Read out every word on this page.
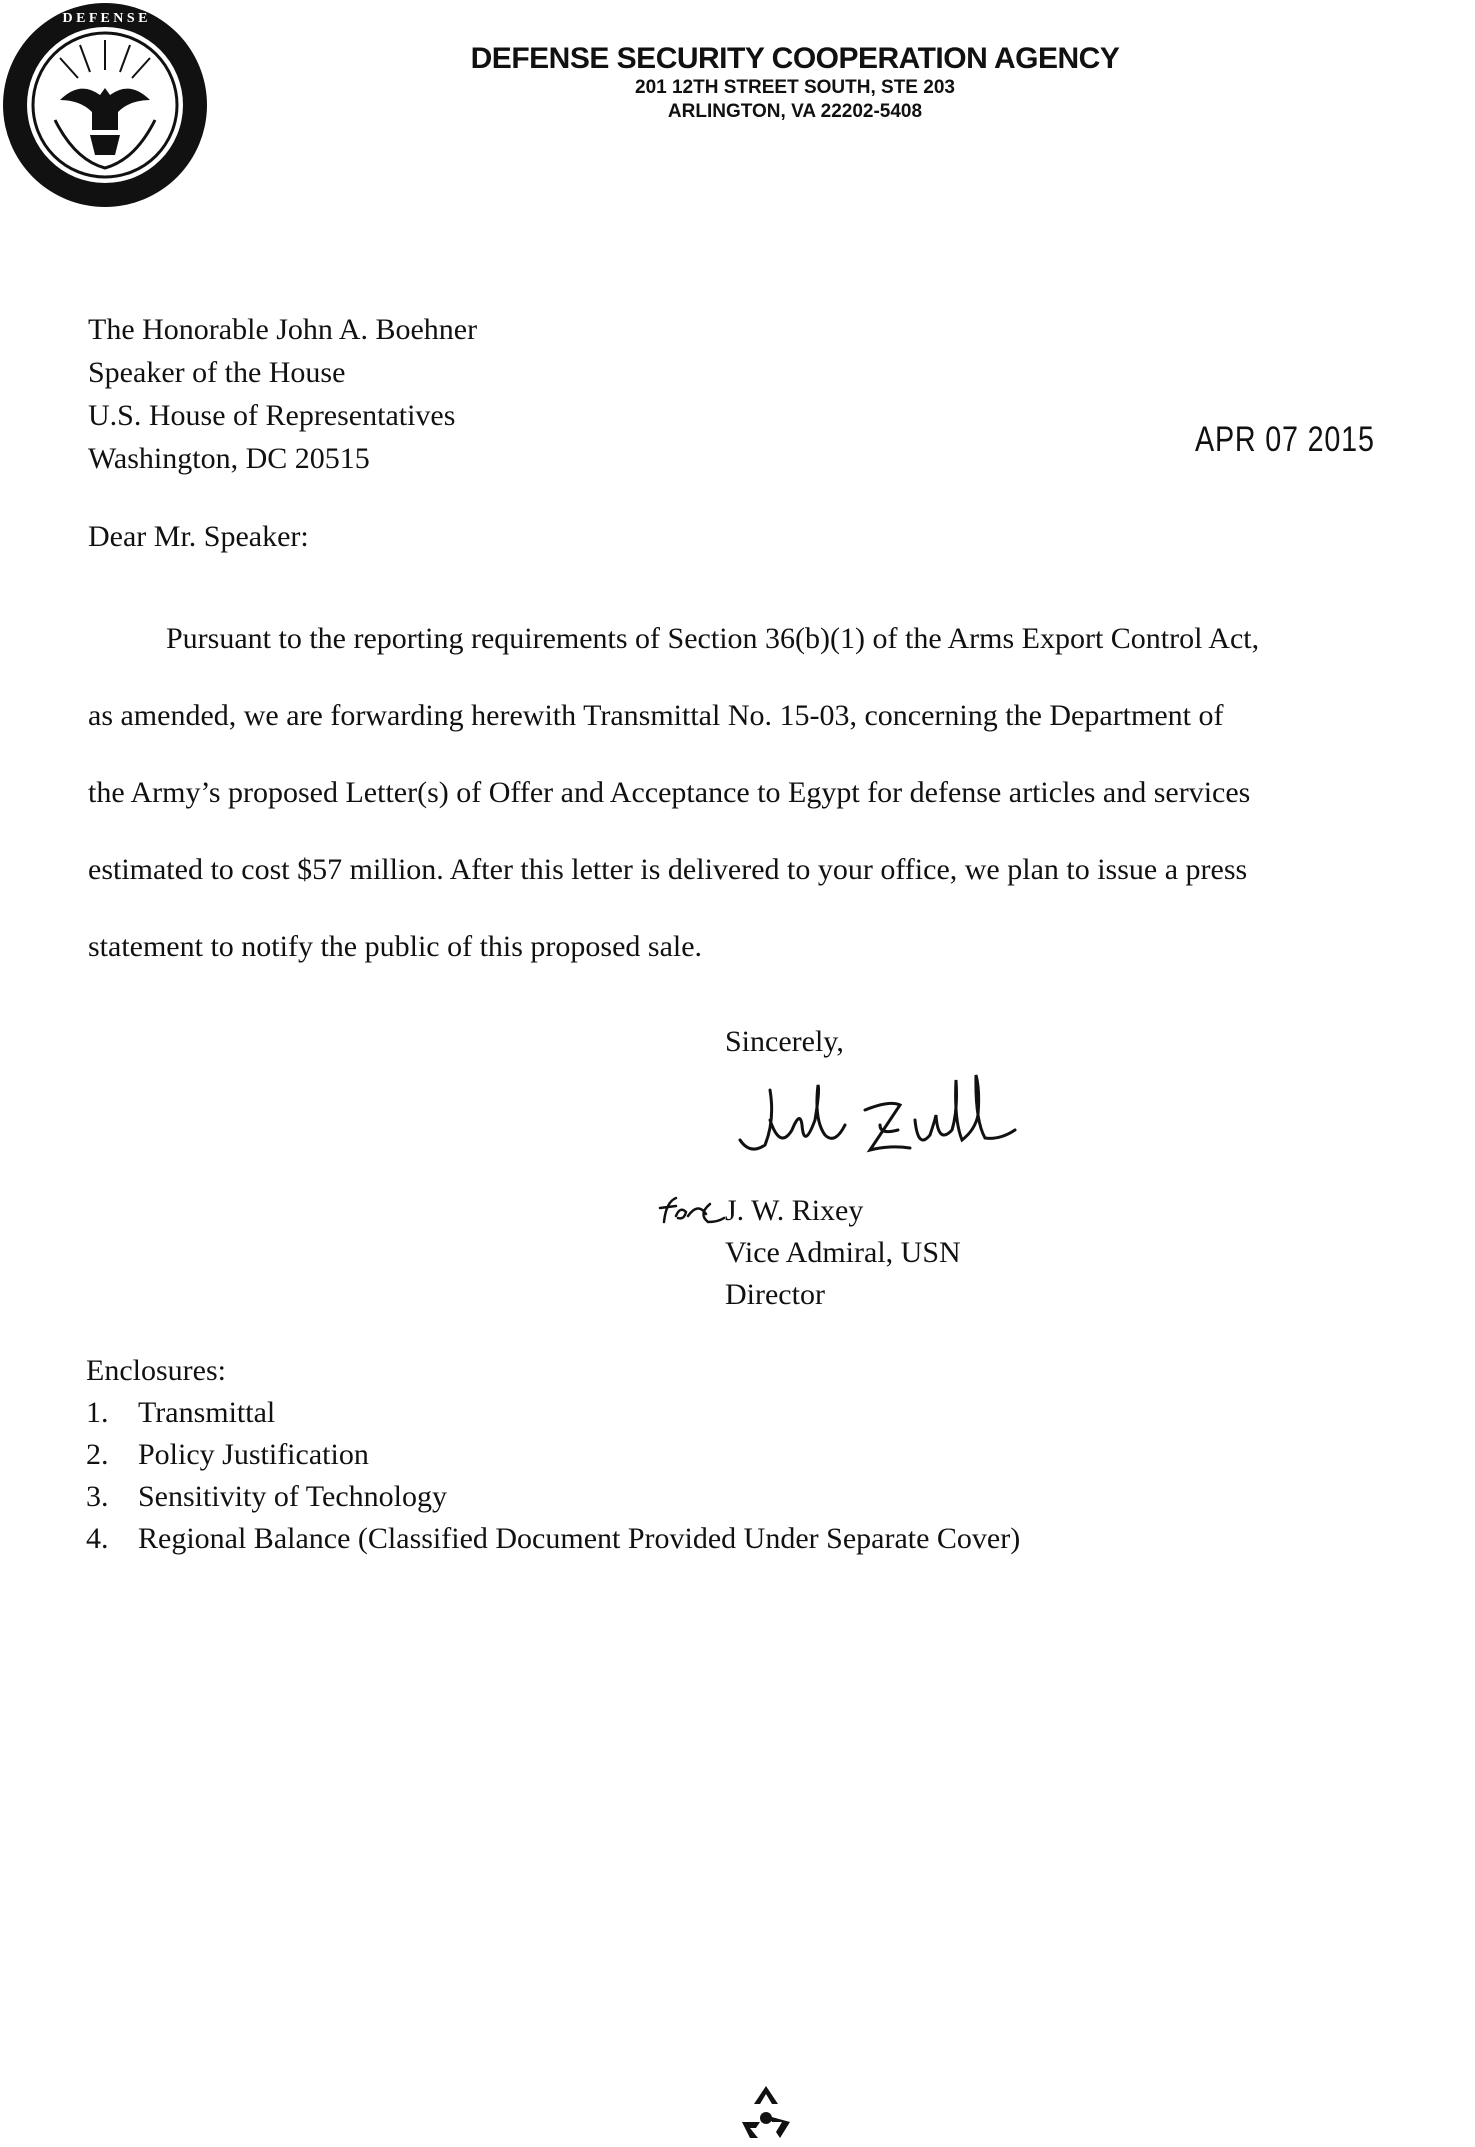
D E F E N S E
DEFENSE SECURITY COOPERATION AGENCY
201 12TH STREET SOUTH, STE 203
ARLINGTON, VA 22202-5408
The Honorable John A. Boehner
Speaker of the House
U.S. House of Representatives
Washington, DC 20515	APR 07 2015
Dear Mr. Speaker:
Pursuant to the reporting requirements of Section 36(b)(1) of the Arms Export Control Act,
as amended, we are forwarding herewith Transmittal No. 15-03, concerning the Department of
the Army’s proposed Letter(s) of Offer and Acceptance to Egypt for defense articles and services
estimated to cost $57 million. After this letter is delivered to your office, we plan to issue a press
statement to notify the public of this proposed sale.
Sincerely,
J. W. Rixey
Vice Admiral, USN
Director
Enclosures:
1. Transmittal
2. Policy Justification
3. Sensitivity of Technology
4. Regional Balance (Classified Document Provided Under Separate Cover)
